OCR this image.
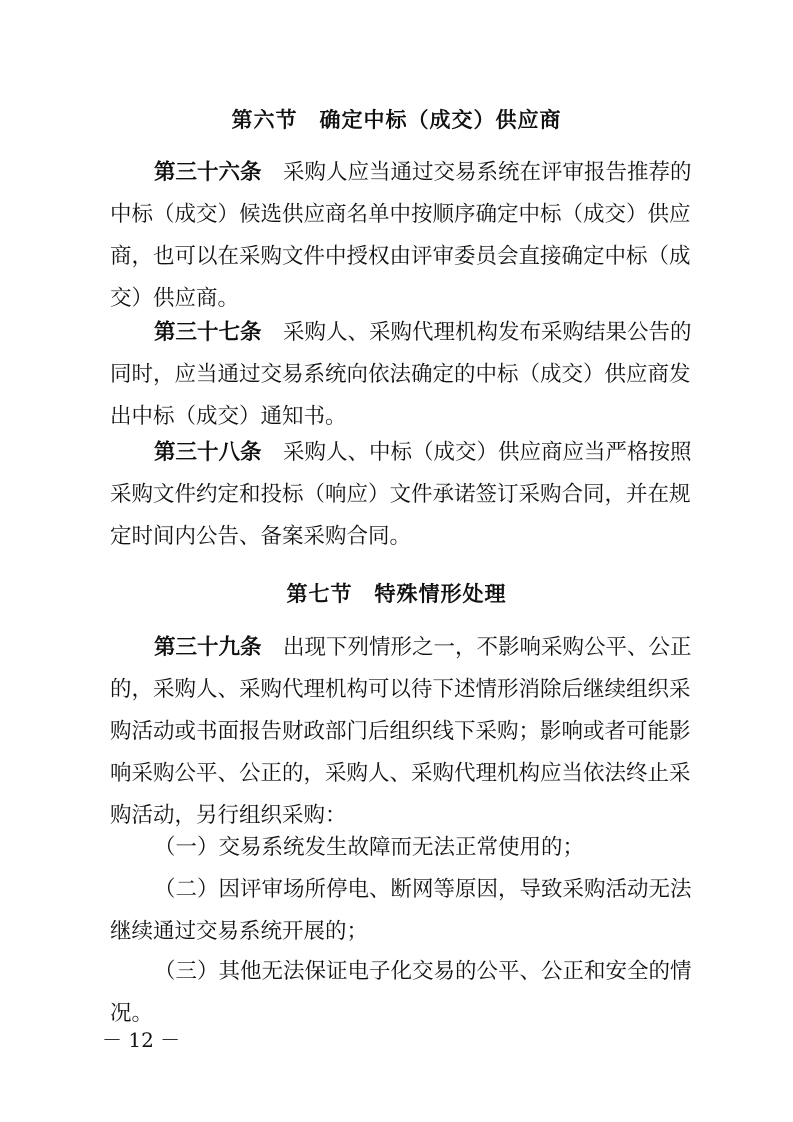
第六节　确定中标（成交）供应商
第三十六条　 采购人应当通过交易系统在评审报告推荐的
中标（成交）候选供应商名单中按顺序确定中标（成交）供应
商，也可以在采购文件中授权由评审委员会直接确定中标（成
交）供应商。
第三十七条　 采购人、采购代理机构发布采购结果公告的
同时，应当通过交易系统向依法确定的中标（成交）供应商发
出中标（成交）通知书。
第三十八条　 采购人、中标（成交）供应商应当严格按照
采购文件约定和投标（响应）文件承诺签订采购合同，并在规
定时间内公告、备案采购合同。
第七节　特殊情形处理
第三十九条　 出现下列情形之一，不影响采购公平、公正
的，采购人、采购代理机构可以待下述情形消除后继续组织采
购活动或书面报告财政部门后组织线下采购；影响或者可能影
响采购公平、公正的，采购人、采购代理机构应当依法终止采
购活动，另行组织采购：
（一）交易系统发生故障而无法正常使用的；
（二）因评审场所停电、断网等原因，导致采购活动无法
继续通过交易系统开展的；
（三）其他无法保证电子化交易的公平、公正和安全的情
况。
－ 12 －
